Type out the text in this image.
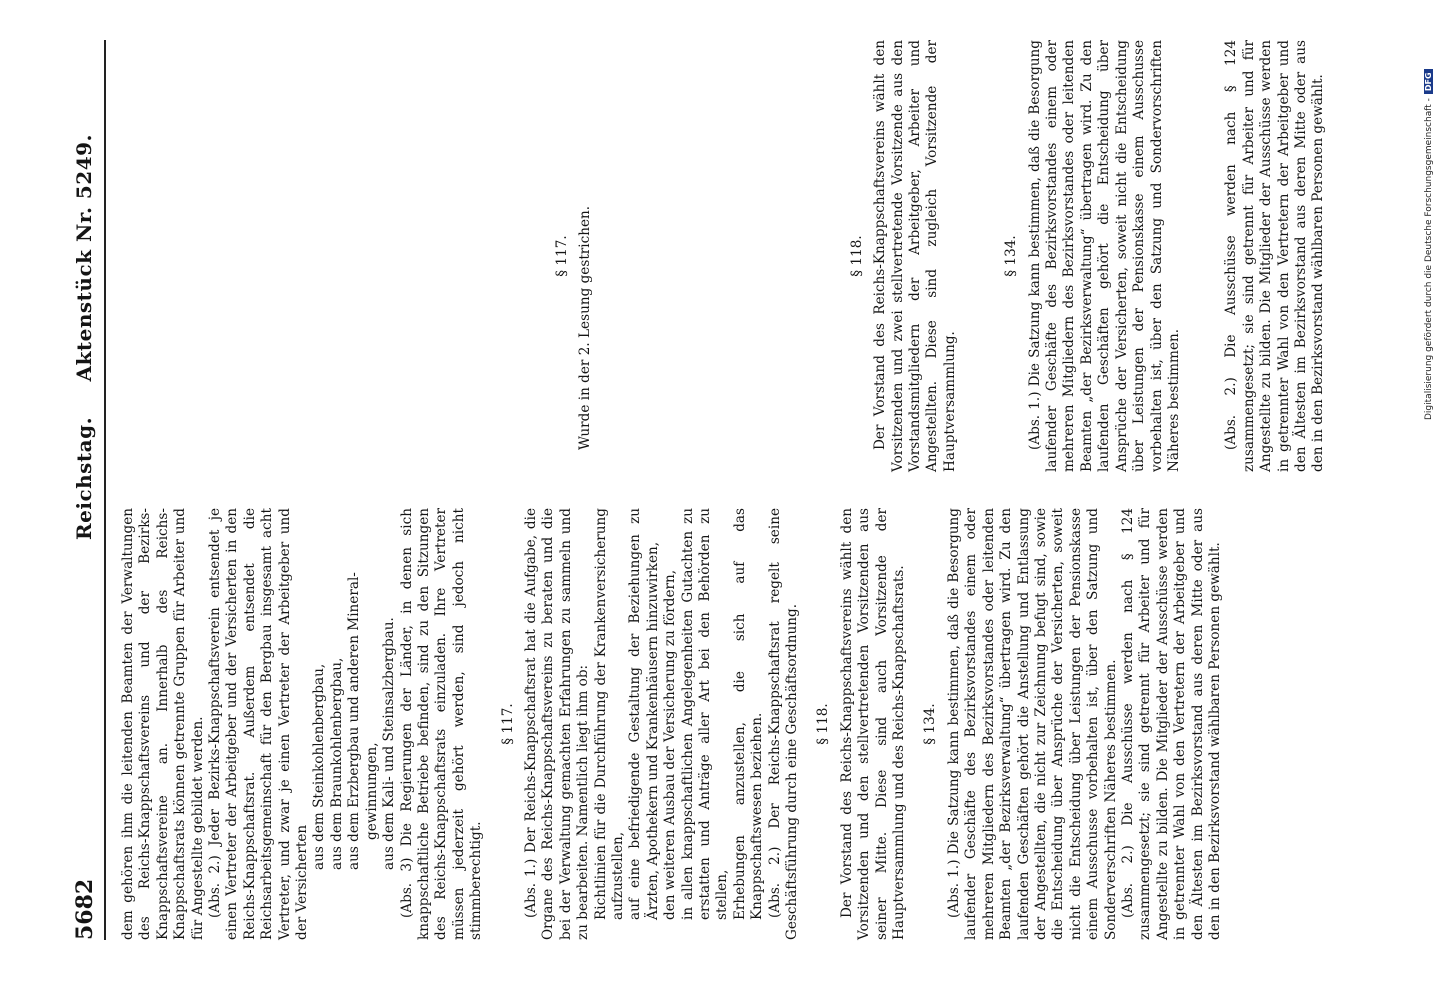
5682
Reichstag. Aktenstück Nr. 5249.

dem gehören ihm die leitenden Beamten der Verwaltungen des Reichs-Knappschaftsvereins und der Bezirks-Knappschaftsvereine an. Innerhalb des Reichs-Knappschaftsrats können getrennte Gruppen für Arbeiter und für Angestellte gebildet werden. (Abs. 2.) Jeder Bezirks-Knappschaftsverein entsendet je einen Vertreter der Arbeitgeber und der Versicherten in den Reichs-Knappschaftsrat. Außerdem entsendet die Reichsarbeitsgemeinschaft für den Bergbau insgesamt acht Vertreter, und zwar je einen Vertreter der Arbeitgeber und der Versicherten

aus dem Steinkohlenbergbau, aus dem Braunkohlenbergbau, aus dem Erzbergbau und anderen Mineral- gewinnungen, aus dem Kali- und Steinsalzbergbau. (Abs. 3) Die Regierungen der Länder, in denen sich knappschaftliche Betriebe befinden, sind zu den Sitzungen des Reichs-Knappschaftsrats einzuladen. Ihre Vertreter müssen jederzeit gehört werden, sind jedoch nicht stimmberechtigt.

§ 117. (Abs. 1.) Der Reichs-Knappschaftsrat hat die Aufgabe, die Organe des Reichs-Knappschaftsvereins zu beraten und die bei der Verwaltung gemachten Erfahrungen zu sammeln und zu bearbeiten. Namentlich liegt ihm ob: Richtlinien für die Durchführung der Krankenversicherung aufzustellen, auf eine befriedigende Gestaltung der Beziehungen zu Ärzten, Apothekern und Krankenhäusern hinzuwirken, den weiteren Ausbau der Versicherung zu fördern, in allen knappschaftlichen Angelegenheiten Gutachten zu erstatten und Anträge aller Art bei den Behörden zu stellen, Erhebungen anzustellen, die sich auf das Knappschaftswesen beziehen. (Abs. 2.) Der Reichs-Knappschaftsrat regelt seine Geschäftsführung durch eine Geschäftsordnung. § 118. Der Vorstand des Reichs-Knappschaftsvereins wählt den Vorsitzenden und den stellvertretenden Vorsitzenden aus seiner Mitte. Diese sind auch Vorsitzende der Hauptversammlung und des Reichs-Knappschaftsrats. § 134. (Abs. 1.) Die Satzung kann bestimmen, daß die Besorgung laufender Geschäfte des Bezirksvorstandes einem oder mehreren Mitgliedern des Bezirksvorstandes oder leitenden Beamten „der Bezirksverwaltung“ übertragen wird. Zu den laufenden Geschäften gehört die Anstellung und Entlassung der Angestellten, die nicht zur Zeichnung befugt sind, sowie die Entscheidung über Ansprüche der Versicherten, soweit nicht die Entscheidung über Leistungen der Pensionskasse einem Ausschusse vorbehalten ist, über den Satzung und Sonderverschriften Näheres bestimmen. (Abs. 2.) Die Ausschüsse werden nach § 124 zusammengesetzt; sie sind getrennt für Arbeiter und für Angestellte zu bilden. Die Mitglieder der Ausschüsse werden in getrennter Wahl von den Vertretern der Arbeitgeber und den Ältesten im Bezirksvorstand aus deren Mitte oder aus den in den Bezirksvorstand wählbaren Personen gewählt.

§ 117. Wurde in der 2. Lesung gestrichen.	§ 118. Der Vorstand des Reichs-Knappschaftsvereins wählt den Vorsitzenden und zwei stellvertretende Vorsitzende aus den Vorstandsmitgliedern der Arbeitgeber, Arbeiter und Angestellten. Diese sind zugleich Vorsitzende der Hauptversammlung.

§ 134. (Abs. 1.) Die Satzung kann bestimmen, daß die Besorgung laufender Geschäfte des Bezirksvorstandes einem oder mehreren Mitgliedern des Bezirksvorstandes oder leitenden Beamten „der Bezirksverwaltung“ übertragen wird. Zu den laufenden Geschäften gehört die Entscheidung über Ansprüche der Versicherten, soweit nicht die Entscheidung über Leistungen der Pensionskasse einem Ausschusse vorbehalten ist, über den Satzung und Sondervorschriften Näheres bestimmen.	(Abs. 2.) Die Ausschüsse werden nach § 124 zusammengesetzt; sie sind getrennt für Arbeiter und für Angestellte zu bilden. Die Mitglieder der Ausschüsse werden in getrennter Wahl von den Vertretern der Arbeitgeber und den Ältesten im Bezirksvorstand aus deren Mitte oder aus den in den Bezirksvorstand wählbaren Personen gewählt.	Digitalisierung gefördert durch die Deutsche Forschungsgemeinschaft -DFG
